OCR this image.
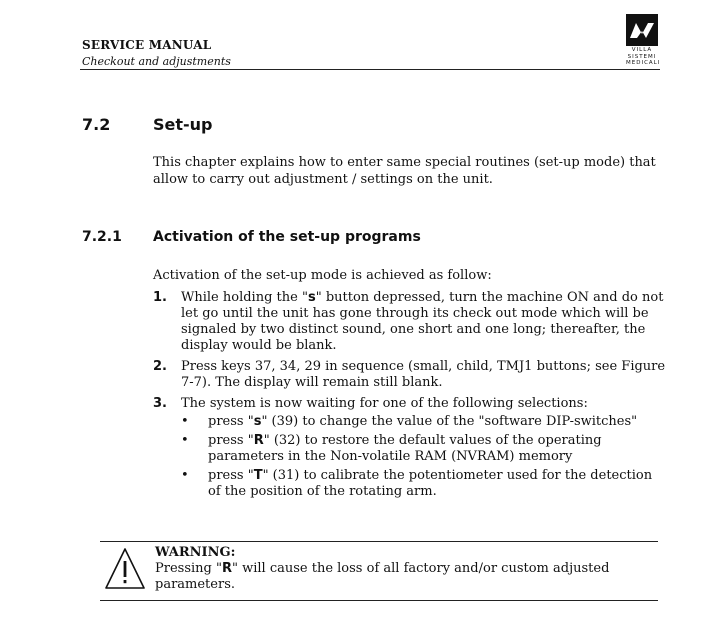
SERVICE MANUAL
Checkout and adjustments
VILLA
SISTEMI
MEDICALI
7.2	Set-up
This chapter explains how to enter same special routines (set-up mode) that allow to carry out adjustment / settings on the unit.
7.2.1 Activation of the set-up programs
Activation of the set-up mode is achieved as follow:
1. While holding the "s" button depressed, turn the machine ON and do not let go until the unit has gone through its check out mode which will be signaled by two distinct sound, one short and one long; thereafter, the display would be blank.
2. Press keys 37, 34, 29 in sequence (small, child, TMJ1 buttons; see Figure 7-7). The display will remain still blank.
3. The system is now waiting for one of the following selections:
• press "s" (39) to change the value of the "software DIP-switches"
• press "R" (32) to restore the default values of the operating parameters in the Non-volatile RAM (NVRAM) memory
• press "T" (31) to calibrate the potentiometer used for the detection of the position of the rotating arm.
WARNING:
Pressing "R" will cause the loss of all factory and/or custom adjusted parameters.
